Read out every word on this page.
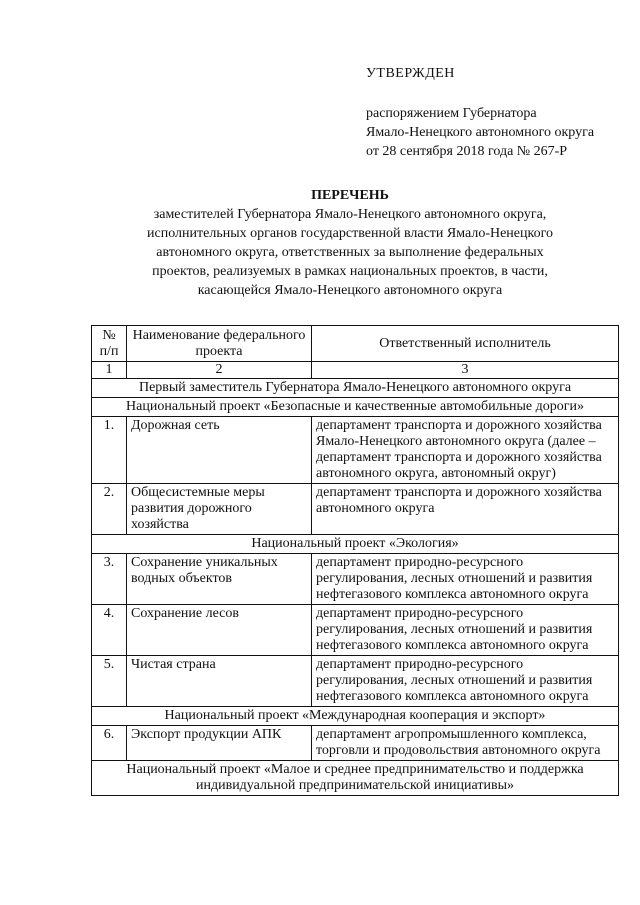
УТВЕРЖДЕН
распоряжением Губернатора
Ямало-Ненецкого автономного округа
от 28 сентября 2018 года № 267-Р
ПЕРЕЧЕНЬ
заместителей Губернатора Ямало-Ненецкого автономного округа,
исполнительных органов государственной власти Ямало-Ненецкого
автономного округа, ответственных за выполнение федеральных
проектов, реализуемых в рамках национальных проектов, в части,
касающейся Ямало-Ненецкого автономного округа
№ п/п	Наименование федерального проекта	Ответственный исполнитель
1	2	3
Первый заместитель Губернатора Ямало-Ненецкого автономного округа		
Национальный проект «Безопасные и качественные автомобильные дороги»		
1.	Дорожная сеть	департамент транспорта и дорожного хозяйства Ямало-Ненецкого автономного округа (далее – департамент транспорта и дорожного хозяйства автономного округа, автономный округ)
2.	Общесистемные меры развития дорожного хозяйства	департамент транспорта и дорожного хозяйства автономного округа
Национальный проект «Экология»		
3.	Сохранение уникальных водных объектов	департамент природно-ресурсного регулирования, лесных отношений и развития нефтегазового комплекса автономного округа
4.	Сохранение лесов	департамент природно-ресурсного регулирования, лесных отношений и развития нефтегазового комплекса автономного округа
5.	Чистая страна	департамент природно-ресурсного регулирования, лесных отношений и развития нефтегазового комплекса автономного округа
Национальный проект «Международная кооперация и экспорт»		
6.	Экспорт продукции АПК	департамент агропромышленного комплекса, торговли и продовольствия автономного округа
Национальный проект «Малое и среднее предпринимательство и поддержка индивидуальной предпринимательской инициативы»		
